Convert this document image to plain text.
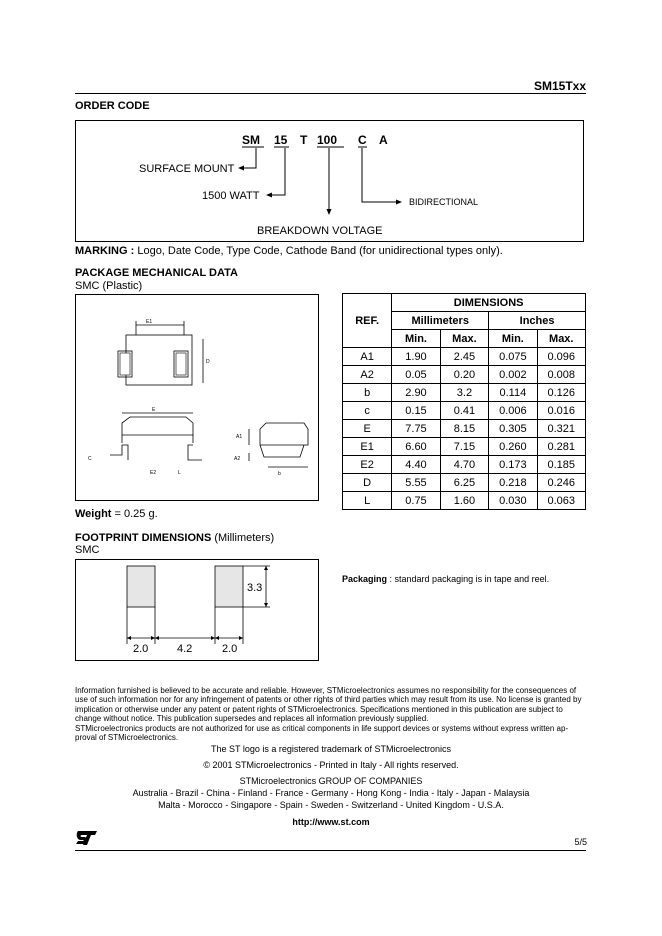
SM15Txx
ORDER CODE
SM 15 T 100 C A
SURFACE MOUNT
1500 WATT
BREAKDOWN VOLTAGE
BIDIRECTIONAL
MARKING : Logo, Date Code, Type Code, Cathode Band (for unidirectional types only).
PACKAGE MECHANICAL DATA
SMC (Plastic)
E1
D
E
A1
A2
C
E2	L	b
REF.	DIMENSIONS			
	Millimeters		Inches	
	Min.	Max.	Min.	Max.
A1	1.90	2.45	0.075	0.096
A2	0.05	0.20	0.002	0.008
b	2.90	3.2	0.114	0.126
c	0.15	0.41	0.006	0.016
E	7.75	8.15	0.305	0.321
E1	6.60	7.15	0.260	0.281
E2	4.40	4.70	0.173	0.185
D	5.55	6.25	0.218	0.246
L	0.75	1.60	0.030	0.063
Weight = 0.25 g.
FOOTPRINT DIMENSIONS (Millimeters)
SMC
2.0	4.2	2.0
3.3
Packaging : standard packaging is in tape and reel.
Information furnished is believed to be accurate and reliable. However, STMicroelectronics assumes no responsibility for the consequences of
use of such information nor for any infringement of patents or other rights of third parties which may result from its use. No license is granted by
implication or otherwise under any patent or patent rights of STMicroelectronics. Specifications mentioned in this publication are subject to
change without notice. This publication supersedes and replaces all information previously supplied.
STMicroelectronics products are not authorized for use as critical components in life support devices or systems without express written ap-
proval of STMicroelectronics.
The ST logo is a registered trademark of STMicroelectronics
© 2001 STMicroelectronics - Printed in Italy - All rights reserved.
STMicroelectronics GROUP OF COMPANIES
Australia - Brazil - China - Finland - France - Germany - Hong Kong - India - Italy - Japan - Malaysia
Malta - Morocco - Singapore - Spain - Sweden - Switzerland - United Kingdom - U.S.A.
http://www.st.com
5/5
